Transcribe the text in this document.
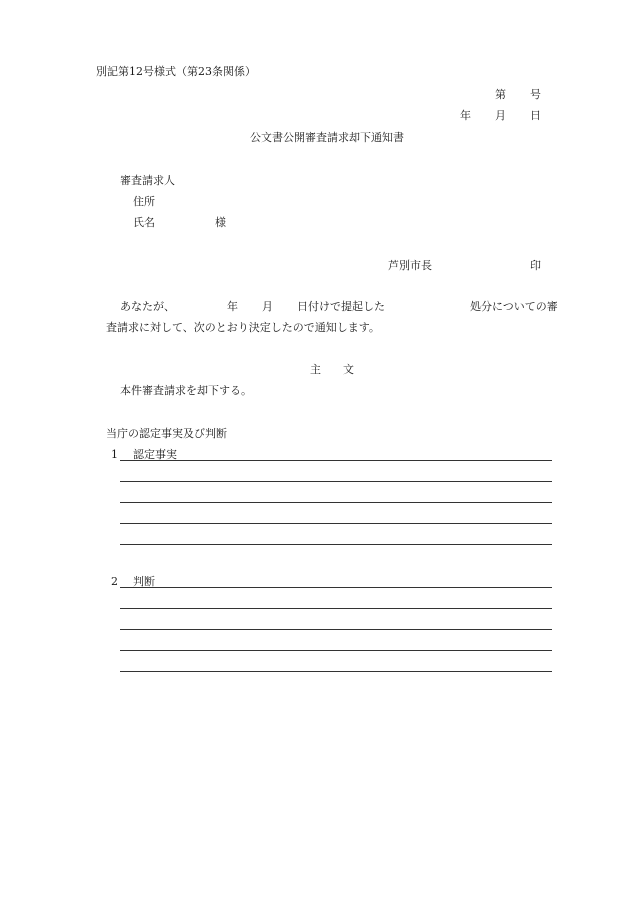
別記第12号様式（第23条関係）
第 号
年 月 日
公文書公開審査請求却下通知書
審査請求人
住所
氏名	様
芦別市長	印
あなたが、	年 月 日付けで提起した	処分についての審
査請求に対して、次のとおり決定したので通知します。
主　　文
本件審査請求を却下する。
当庁の認定事実及び判断
1 認定事実
2 判断
